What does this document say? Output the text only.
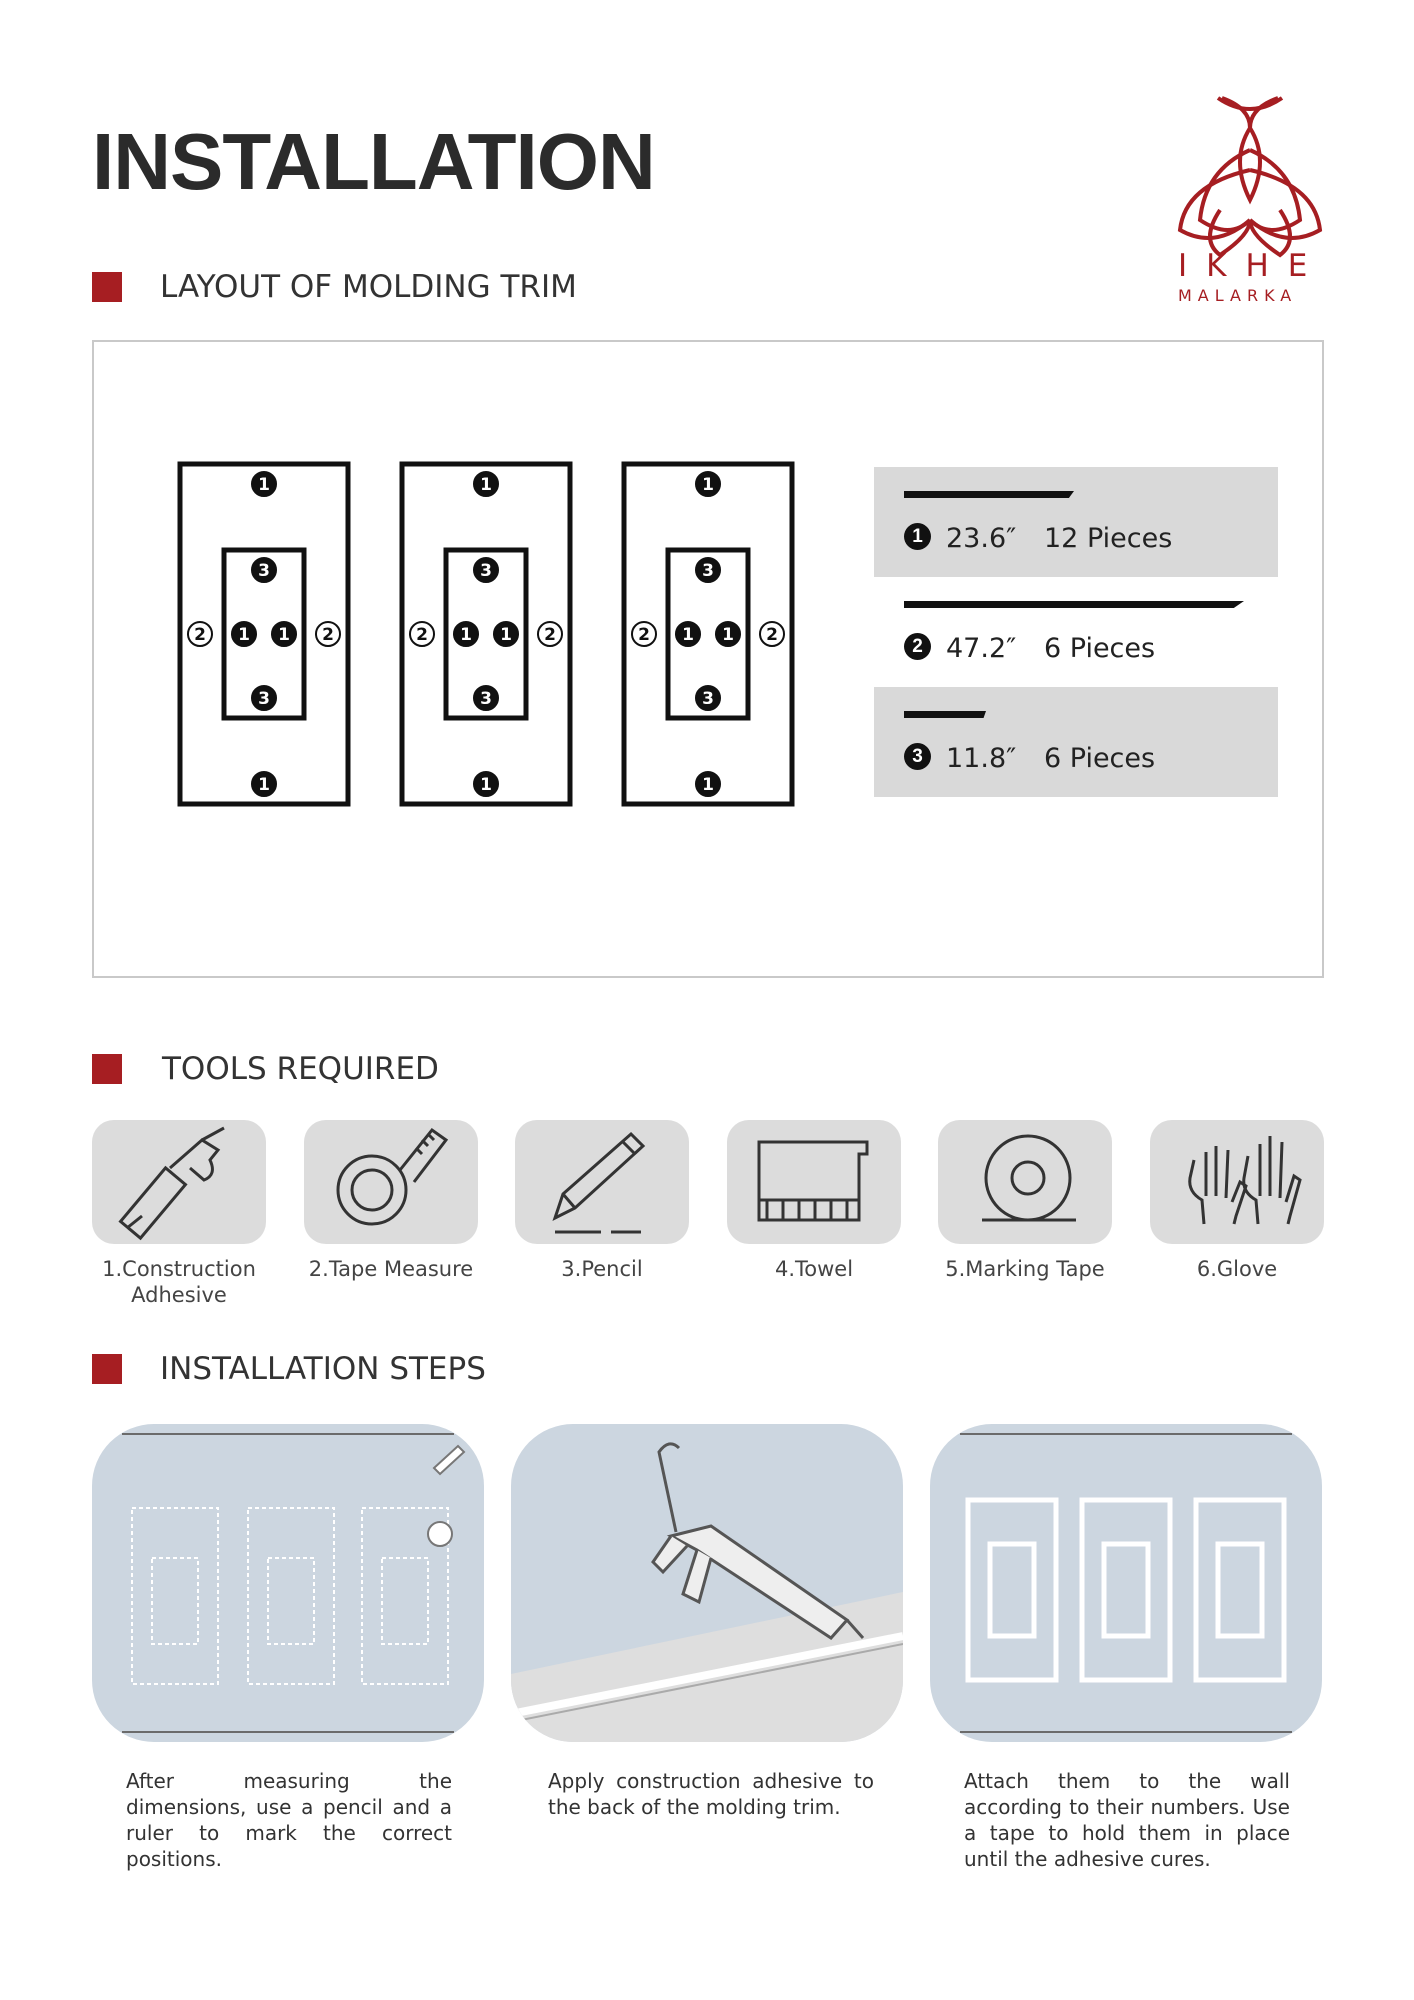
INSTALLATION
IKHE
MALARKA
LAYOUT OF MOLDING TRIM
1
1
3
3
2	2
1 1
1
1
3
3
2	2
1 1
1
1
3
3
2	2
1 1
1 23.6″ 12 Pieces
2 47.2″ 6 Pieces
3 11.8″ 6 Pieces
TOOLS REQUIRED
1.Construction
Adhesive
2.Tape Measure	3.Pencil	4.Towel	5.Marking Tape	6.Glove
INSTALLATION STEPS
After measuring the dimensions, use a pencil and a ruler to mark the correct positions.
Apply construction adhesive to the back of the molding trim.
Attach them to the wall according to their numbers. Use a tape to hold them in place until the adhesive cures.
